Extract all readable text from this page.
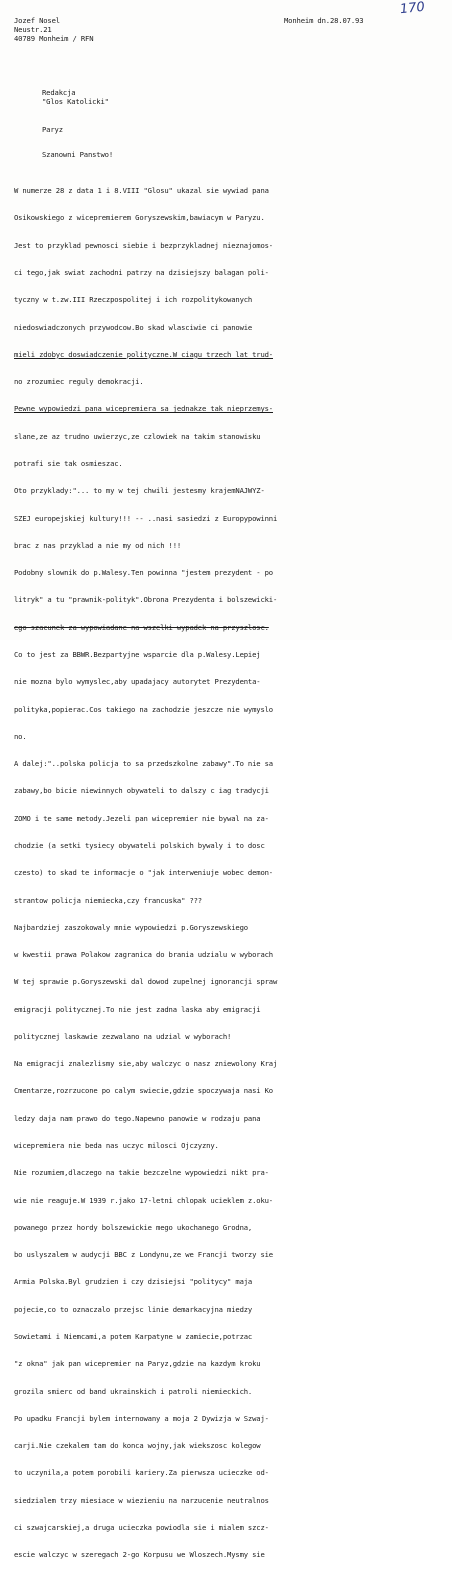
170
Jozef Nosel
Neustr.21
40789 Monheim / RFN
Monheim dn.28.07.93
Redakcja
"Glos Katolicki"
Paryz
Szanowni Panstwo!

W numerze 28 z data 1 i 8.VIII "Glosu" ukazal sie wywiad pana

Osikowskiego z wicepremierem Goryszewskim,bawiacym w Paryzu.

Jest to przyklad pewnosci siebie i bezprzykladnej nieznajomos-

ci tego,jak swiat zachodni patrzy na dzisiejszy balagan poli-

tyczny w t.zw.III Rzeczpospolitej i ich rozpolitykowanych

niedoswiadczonych przywodcow.Bo skad wlasciwie ci panowie

mieli zdobyc doswiadczenie polityczne.W ciagu trzech lat trud-

no zrozumiec reguly demokracji.

Pewne wypowiedzi pana wicepremiera sa jednakze tak nieprzemys-

slane,ze az trudno uwierzyc,ze czlowiek na takim stanowisku

potrafi sie tak osmieszac.

Oto przyklady:"... to my w tej chwili jestesmy krajemNAJWYZ-

SZEJ europejskiej kultury!!! -- ..nasi sasiedzi z Europypowinni

brac z nas przyklad a nie my od nich !!!

Podobny slownik do p.Walesy.Ten powinna "jestem prezydent - po

litryk" a tu "prawnik-polityk".Obrona Prezydenta i bolszewicki-

ego szacunek za wypowiadane na wszelki wypadek na przyszlosc.

Co to jest za BBWR.Bezpartyjne wsparcie dla p.Walesy.Lepiej

nie mozna bylo wymyslec,aby upadajacy autorytet Prezydenta-

polityka,popierac.Cos takiego na zachodzie jeszcze nie wymyslo

no.

A dalej:"..polska policja to sa przedszkolne zabawy".To nie sa

zabawy,bo bicie niewinnych obywateli to dalszy c iag tradycji

ZOMO i te same metody.Jezeli pan wicepremier nie bywal na za-

chodzie (a setki tysiecy obywateli polskich bywaly i to dosc

czesto) to skad te informacje o "jak interweniuje wobec demon-

strantow policja niemiecka,czy francuska" ???

Najbardziej zaszokowaly mnie wypowiedzi p.Goryszewskiego

w kwestii prawa Polakow zagranica do brania udzialu w wyborach

W tej sprawie p.Goryszewski dal dowod zupelnej ignorancji spraw

emigracji politycznej.To nie jest zadna laska aby emigracji

politycznej laskawie zezwalano na udzial w wyborach!

Na emigracji znalezlismy sie,aby walczyc o nasz zniewolony Kraj

Cmentarze,rozrzucone po calym swiecie,gdzie spoczywaja nasi Ko

ledzy daja nam prawo do tego.Napewno panowie w rodzaju pana

wicepremiera nie beda nas uczyc milosci Ojczyzny.

Nie rozumiem,dlaczego na takie bezczelne wypowiedzi nikt pra-

wie nie reaguje.W 1939 r.jako 17-letni chlopak ucieklem z.oku-

powanego przez hordy bolszewickie mego ukochanego Grodna,

bo uslyszalem w audycji BBC z Londynu,ze we Francji tworzy sie

Armia Polska.Byl grudzien i czy dzisiejsi "politycy" maja

pojecie,co to oznaczalo przejsc linie demarkacyjna miedzy

Sowietami i Niemcami,a potem Karpatyne w zamiecie,potrzac

"z okna" jak pan wicepremier na Paryz,gdzie na kazdym kroku

grozila smierc od band ukrainskich i patroli niemieckich.

Po upadku Francji bylem internowany a moja 2 Dywizja w Szwaj-

carji.Nie czekalem tam do konca wojny,jak wiekszosc kolegow

to uczynila,a potem porobili kariery.Za pierwsza ucieczke od-

siedzialem trzy miesiace w wiezieniu na narzucenie neutralnos

ci szwajcarskiej,a druga ucieczka powiodla sie i mialem szcz-

escie walczyc w szeregach 2-go Korpusu we Wloszech.Mysmy sie
